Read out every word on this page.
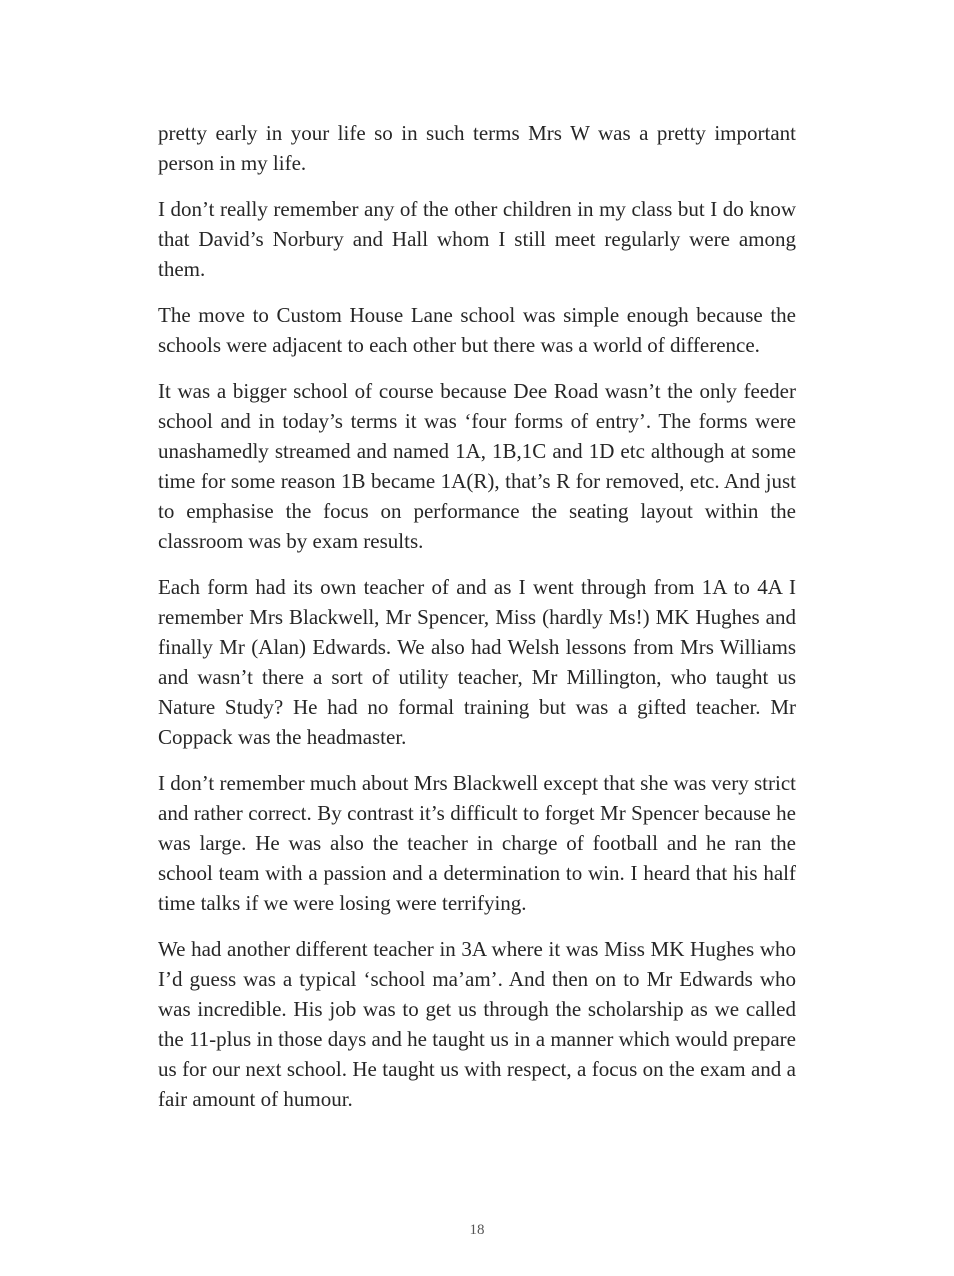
pretty early in your life so in such terms Mrs W was a pretty important person in my life.

I don’t really remember any of the other children in my class but I do know that David’s Norbury and Hall whom I still meet regularly were among them.

The move to Custom House Lane school was simple enough because the schools were adjacent to each other but there was a world of difference.

It was a bigger school of course because Dee Road wasn’t the only feeder school and in today’s terms it was ‘four forms of entry’. The forms were unashamedly streamed and named 1A, 1B,1C and 1D etc although at some time for some reason 1B became 1A(R), that’s R for removed, etc. And just to emphasise the focus on performance the seating layout within the classroom was by exam results.

Each form had its own teacher of and as I went through from 1A to 4A I remember Mrs Blackwell, Mr Spencer, Miss (hardly Ms!) MK Hughes and finally Mr (Alan) Edwards. We also had Welsh lessons from Mrs Williams and wasn’t there a sort of utility teacher, Mr Millington, who taught us Nature Study? He had no formal training but was a gifted teacher. Mr Coppack was the headmaster.

I don’t remember much about Mrs Blackwell except that she was very strict and rather correct. By contrast it’s difficult to forget Mr Spencer because he was large. He was also the teacher in charge of football and he ran the school team with a passion and a determination to win. I heard that his half time talks if we were losing were terrifying.

We had another different teacher in 3A where it was Miss MK Hughes who I’d guess was a typical ‘school ma’am’. And then on to Mr Edwards who was incredible. His job was to get us through the scholarship as we called the 11-plus in those days and he taught us in a manner which would prepare us for our next school. He taught us with respect, a focus on the exam and a fair amount of humour.

18
